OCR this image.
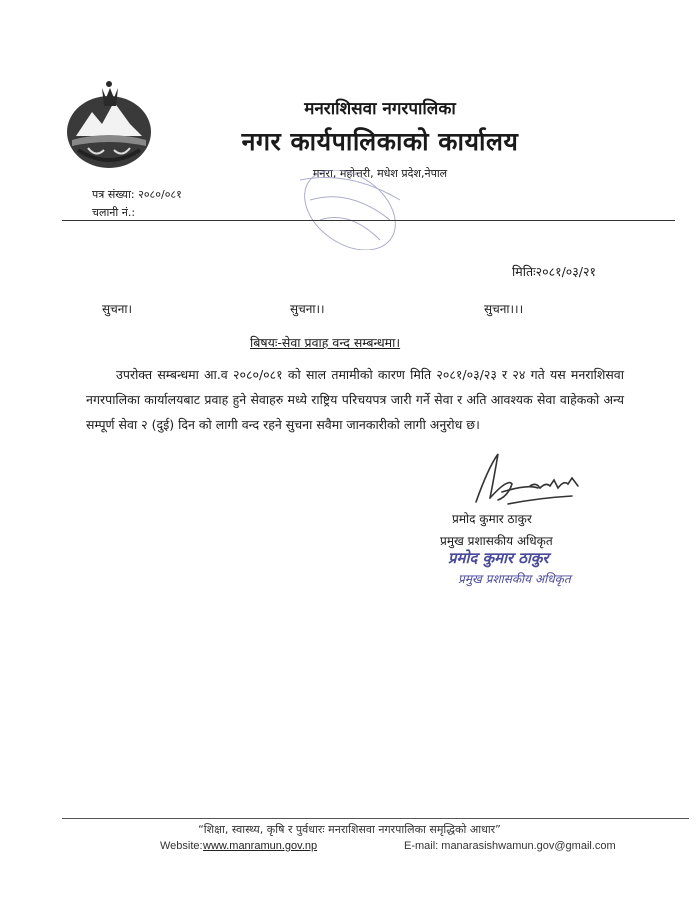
मनराशिसवा नगरपालिका
नगर कार्यपालिकाको कार्यालय
मनरा, महोत्तरी, मधेश प्रदेश,नेपाल
पत्र संख्या: २०८०/०८१
चलानी नं.:
मितिः२०८१/०३/२१
सुचना।	सुचना।।	सुचना।।।
बिषयः-सेवा प्रवाह वन्द सम्बन्धमा।
उपरोक्त सम्बन्धमा आ.व २०८०/०८१ को साल तमामीको कारण मिति २०८१/०३/२३ र २४ गते यस मनराशिसवा नगरपालिका कार्यालयबाट प्रवाह हुने सेवाहरु मध्ये राष्ट्रिय परिचयपत्र जारी गर्ने सेवा र अति आवश्यक सेवा वाहेकको अन्य सम्पूर्ण सेवा २ (दुई) दिन को लागी वन्द रहने सुचना सवैमा जानकारीको लागी अनुरोध छ।
प्रमोद कुमार ठाकुर
प्रमुख प्रशासकीय अधिकृत
प्रमोद कुमार ठाकुर
प्रमुख प्रशासकीय अधिकृत
“शिक्षा, स्वास्थ्य, कृषि र पुर्वधारः मनराशिसवा नगरपालिका समृद्धिको आधार”
Website: www.manramun.gov.np	E-mail: manarasishwamun.gov@gmail.com
